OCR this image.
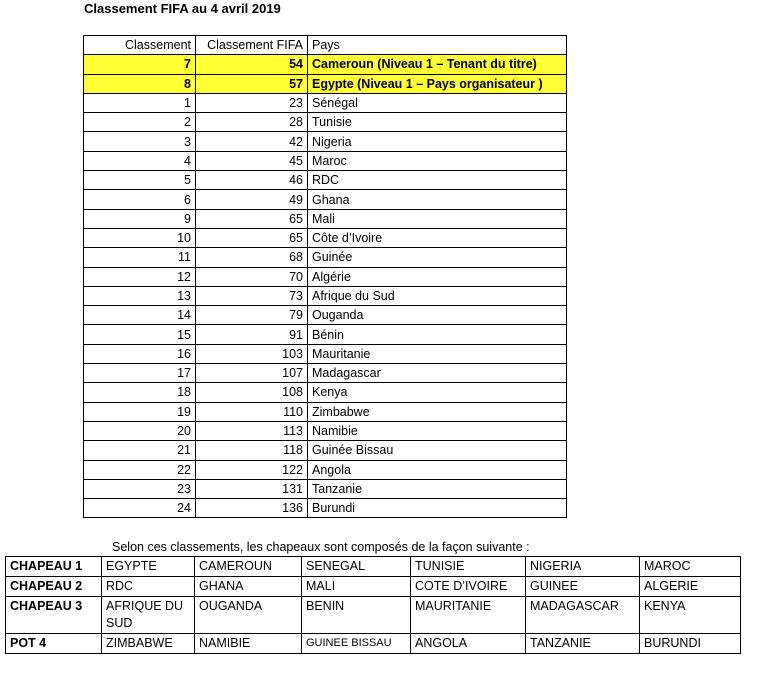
Classement FIFA au 4 avril 2019
Classement	Classement FIFA	Pays
7	54	Cameroun (Niveau 1 – Tenant du titre)
8	57	Egypte (Niveau 1 – Pays organisateur )
1	23	Sénégal
2	28	Tunisie
3	42	Nigeria
4	45	Maroc
5	46	RDC
6	49	Ghana
9	65	Mali
10	65	Côte d’Ivoire
11	68	Guinée
12	70	Algérie
13	73	Afrique du Sud
14	79	Ouganda
15	91	Bénin
16	103	Mauritanie
17	107	Madagascar
18	108	Kenya
19	110	Zimbabwe
20	113	Namibie
21	118	Guinée Bissau
22	122	Angola
23	131	Tanzanie
24	136	Burundi
Selon ces classements, les chapeaux sont composés de la façon suivante :
CHAPEAU 1	EGYPTE	CAMEROUN	SENEGAL	TUNISIE	NIGERIA	MAROC
CHAPEAU 2	RDC	GHANA	MALI	COTE D’IVOIRE	GUINEE	ALGERIE
CHAPEAU 3	AFRIQUE DU SUD	OUGANDA	BENIN	MAURITANIE	MADAGASCAR	KENYA
POT 4	ZIMBABWE	NAMIBIE	GUINEE BISSAU	ANGOLA	TANZANIE	BURUNDI
